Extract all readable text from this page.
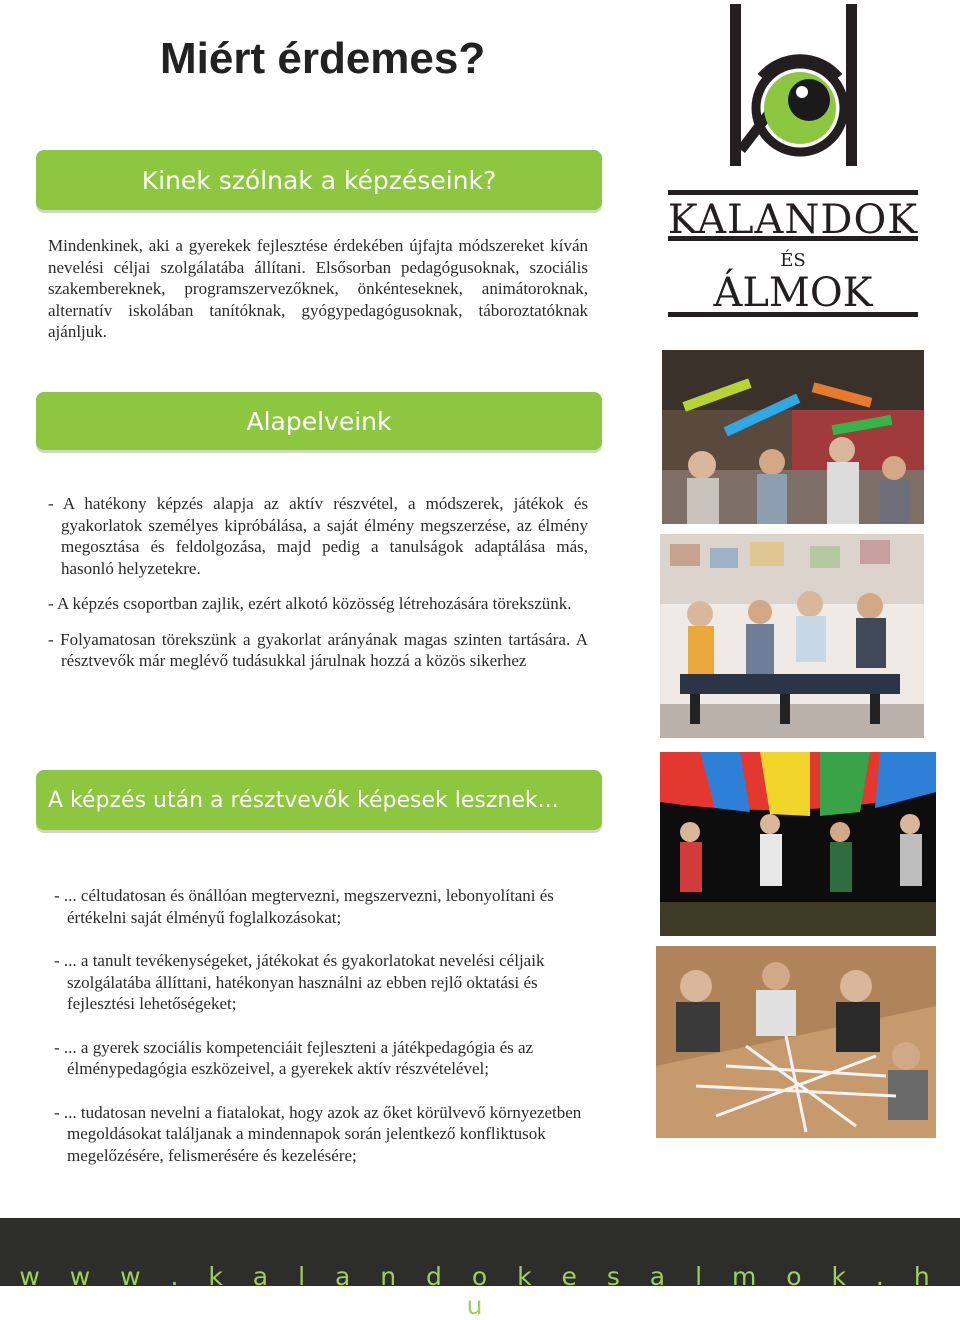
Miért érdemes?
KALANDOK
ÉS
ÁLMOK
Kinek szólnak a képzéseink?

Mindenkinek, aki a gyerekek fejlesztése érdekében újfajta módszereket kíván nevelési céljai szolgálatába állítani. Elsősorban pedagógusoknak, szociális szakembereknek, programszervezőknek, önkénteseknek, animátoroknak, alternatív iskolában tanítóknak, gyógypedagógusoknak, táboroztatóknak ajánljuk.

Alapelveink
- A hatékony képzés alapja az aktív részvétel, a módszerek, játékok és gyakorlatok személyes kipróbálása, a saját élmény megszerzése, az élmény megosztása és feldolgozása, majd pedig a tanulságok adaptálása más, hasonló helyzetekre.
- A képzés csoportban zajlik, ezért alkotó közösség létrehozására törekszünk.
- Folyamatosan törekszünk a gyakorlat arányának magas szinten tartására. A résztvevők már meglévő tudásukkal járulnak hozzá a közös sikerhez
A képzés után a résztvevők képesek lesznek...
- ... céltudatosan és önállóan megtervezni, megszervezni, lebonyolítani és értékelni saját élményű foglalkozásokat;
- ... a tanult tevékenységeket, játékokat és gyakorlatokat nevelési céljaik szolgálatába állíttani, hatékonyan használni az ebben rejlő oktatási és fejlesztési lehetőségeket;
- ... a gyerek szociális kompetenciáit fejleszteni a játékpedagógia és az élménypedagógia eszközeivel, a gyerekek aktív részvételével;
- ... tudatosan nevelni a fiatalokat, hogy azok az őket körülvevő környezetben megoldásokat találjanak a mindennapok során jelentkező konfliktusok megelőzésére, felismerésére és kezelésére;
w w w . k a l a n d o k e s a l m o k . h u
